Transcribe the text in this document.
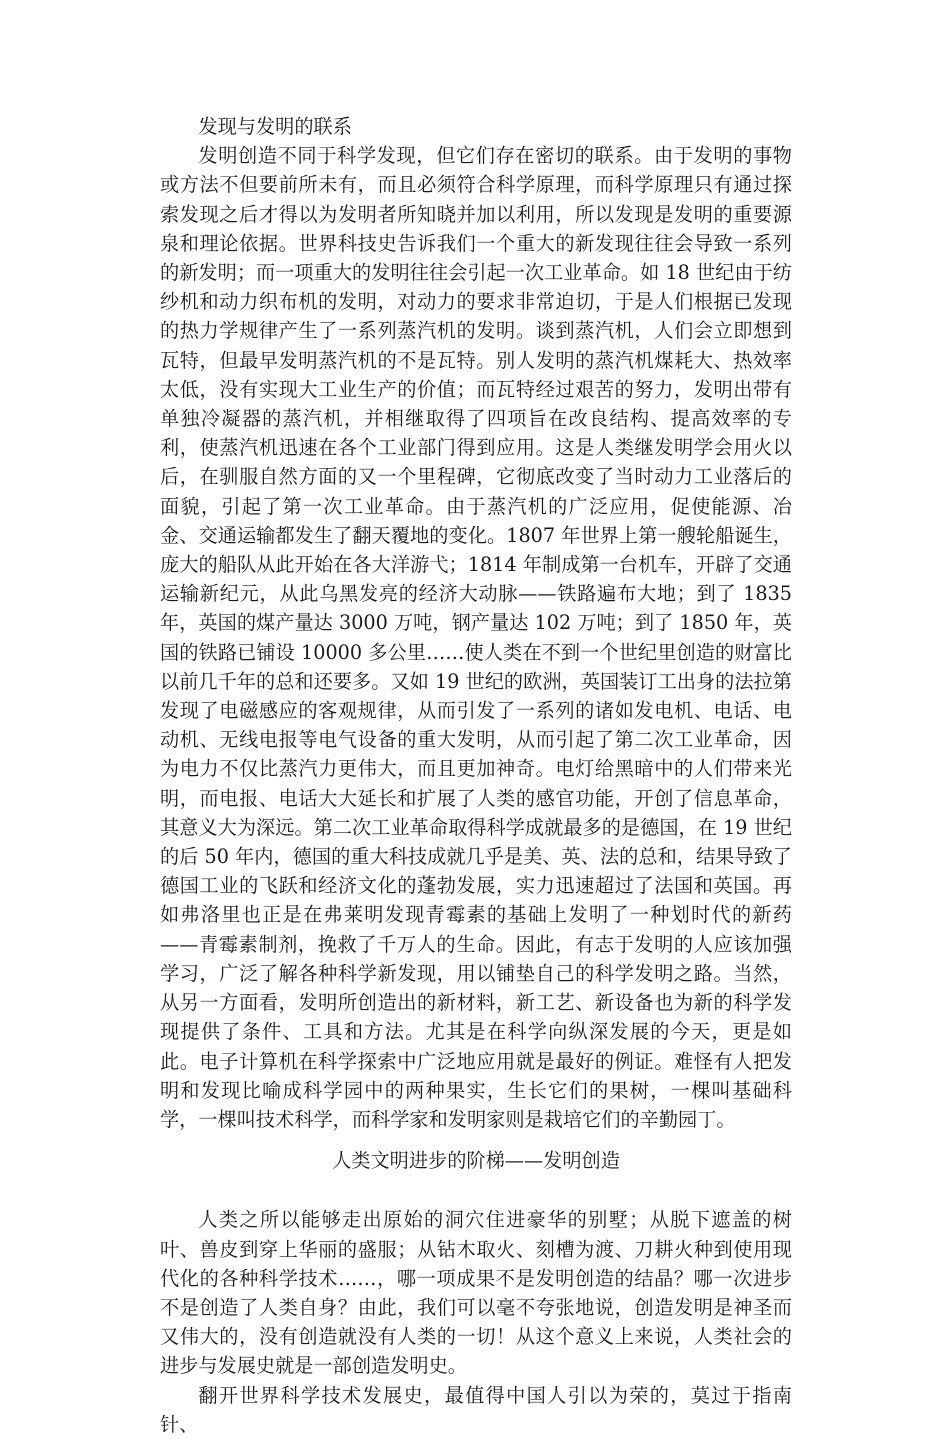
发现与发明的联系

发明创造不同于科学发现，但它们存在密切的联系。由于发明的事物或方法不但要前所未有，而且必须符合科学原理，而科学原理只有通过探索发现之后才得以为发明者所知晓并加以利用，所以发现是发明的重要源泉和理论依据。世界科技史告诉我们一个重大的新发现往往会导致一系列的新发明；而一项重大的发明往往会引起一次工业革命。如 18 世纪由于纺纱机和动力织布机的发明，对动力的要求非常迫切，于是人们根据已发现的热力学规律产生了一系列蒸汽机的发明。谈到蒸汽机，人们会立即想到瓦特，但最早发明蒸汽机的不是瓦特。别人发明的蒸汽机煤耗大、热效率太低，没有实现大工业生产的价值；而瓦特经过艰苦的努力，发明出带有单独冷凝器的蒸汽机，并相继取得了四项旨在改良结构、提高效率的专利，使蒸汽机迅速在各个工业部门得到应用。这是人类继发明学会用火以后，在驯服自然方面的又一个里程碑，它彻底改变了当时动力工业落后的面貌，引起了第一次工业革命。由于蒸汽机的广泛应用，促使能源、冶金、交通运输都发生了翻天覆地的变化。1807 年世界上第一艘轮船诞生，庞大的船队从此开始在各大洋游弋；1814 年制成第一台机车，开辟了交通运输新纪元，从此乌黑发亮的经济大动脉——铁路遍布大地；到了 1835 年，英国的煤产量达 3000 万吨，钢产量达 102 万吨；到了 1850 年，英国的铁路已铺设 10000 多公里……使人类在不到一个世纪里创造的财富比以前几千年的总和还要多。又如 19 世纪的欧洲，英国装订工出身的法拉第发现了电磁感应的客观规律，从而引发了一系列的诸如发电机、电话、电动机、无线电报等电气设备的重大发明，从而引起了第二次工业革命，因为电力不仅比蒸汽力更伟大，而且更加神奇。电灯给黑暗中的人们带来光明，而电报、电话大大延长和扩展了人类的感官功能，开创了信息革命，其意义大为深远。第二次工业革命取得科学成就最多的是德国，在 19 世纪的后 50 年内，德国的重大科技成就几乎是美、英、法的总和，结果导致了德国工业的飞跃和经济文化的蓬勃发展，实力迅速超过了法国和英国。再如弗洛里也正是在弗莱明发现青霉素的基础上发明了一种划时代的新药——青霉素制剂，挽救了千万人的生命。因此，有志于发明的人应该加强学习，广泛了解各种科学新发现，用以铺垫自己的科学发明之路。当然，从另一方面看，发明所创造出的新材料，新工艺、新设备也为新的科学发现提供了条件、工具和方法。尤其是在科学向纵深发展的今天，更是如此。电子计算机在科学探索中广泛地应用就是最好的例证。难怪有人把发明和发现比喻成科学园中的两种果实，生长它们的果树，一棵叫基础科学，一棵叫技术科学，而科学家和发明家则是栽培它们的辛勤园丁。

人类文明进步的阶梯——发明创造

人类之所以能够走出原始的洞穴住进豪华的别墅；从脱下遮盖的树叶、兽皮到穿上华丽的盛服；从钻木取火、刻槽为渡、刀耕火种到使用现代化的各种科学技术……，哪一项成果不是发明创造的结晶？哪一次进步不是创造了人类自身？由此，我们可以毫不夸张地说，创造发明是神圣而又伟大的，没有创造就没有人类的一切！从这个意义上来说，人类社会的进步与发展史就是一部创造发明史。

翻开世界科学技术发展史，最值得中国人引以为荣的，莫过于指南针、
